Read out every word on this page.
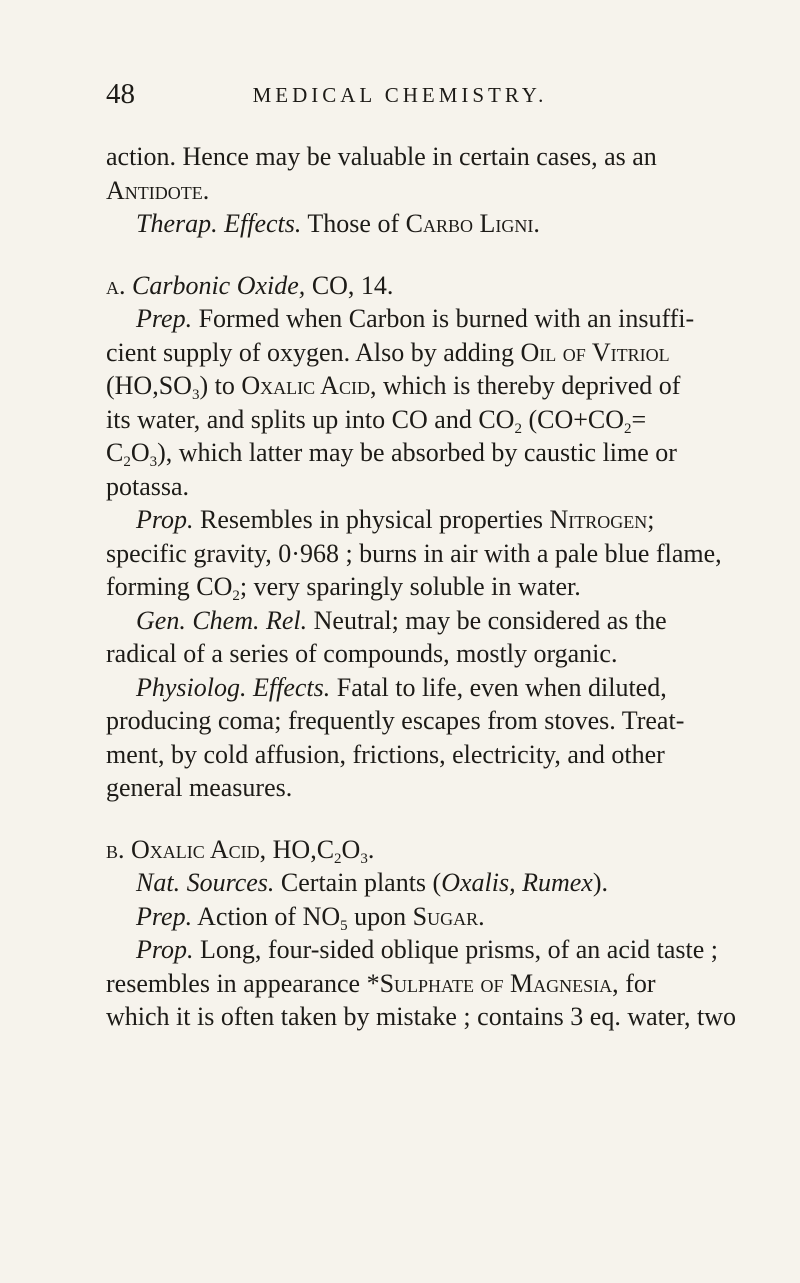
48	MEDICAL CHEMISTRY.
action. Hence may be valuable in certain cases, as an
Antidote.
Therap. Effects. Those of Carbo Ligni.
a. Carbonic Oxide, CO, 14.
Prep. Formed when Carbon is burned with an insuffi-
cient supply of oxygen. Also by adding Oil of Vitriol
$(HO,SO_3)$ to Oxalic Acid, which is thereby deprived of
its water, and splits up into CO and $CO_2$ ($CO+CO_2=$
$C_2O_3$), which latter may be absorbed by caustic lime or
potassa.
Prop. Resembles in physical properties Nitrogen;
specific gravity, 0·968 ; burns in air with a pale blue flame,
forming $CO_2$; very sparingly soluble in water.
Gen. Chem. Rel. Neutral; may be considered as the
radical of a series of compounds, mostly organic.
Physiolog. Effects. Fatal to life, even when diluted,
producing coma; frequently escapes from stoves. Treat-
ment, by cold affusion, frictions, electricity, and other
general measures.
b. Oxalic Acid, $HO,C_2O_3$.
Nat. Sources. Certain plants (Oxalis, Rumex).
Prep. Action of $NO_5$ upon Sugar.
Prop. Long, four-sided oblique prisms, of an acid taste ;
resembles in appearance *Sulphate of Magnesia, for
which it is often taken by mistake ; contains 3 eq. water, two
